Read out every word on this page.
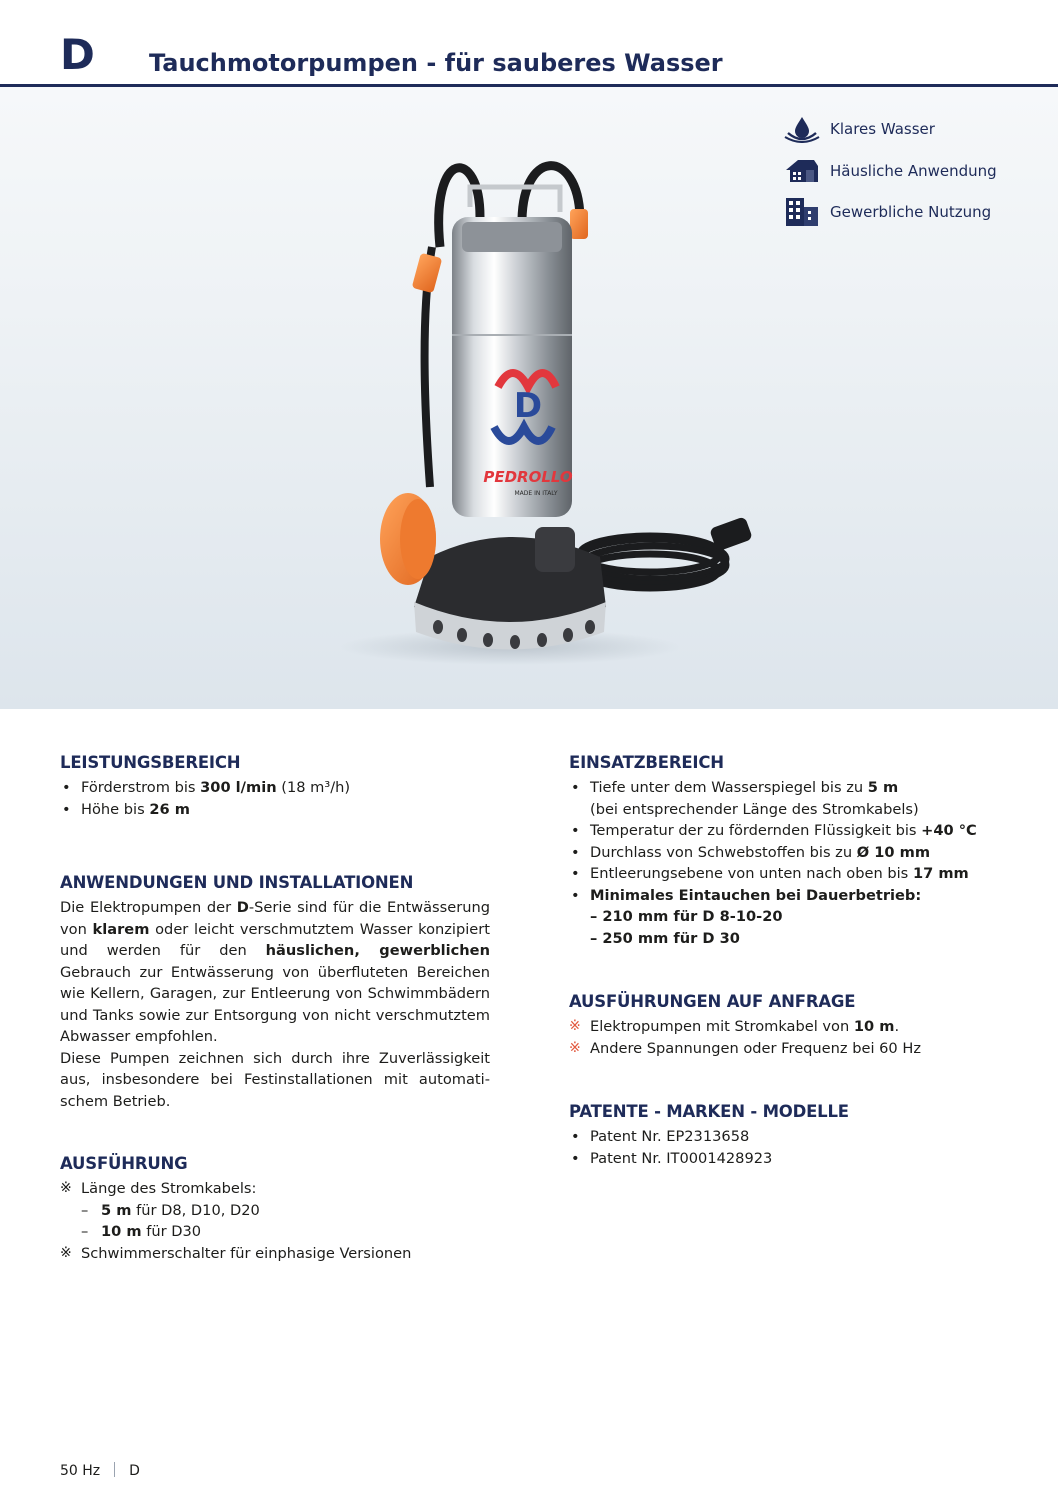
D Tauchmotorpumpen - für sauberes Wasser
D
PEDROLLO
MADE IN ITALY
Klares Wasser
Häusliche Anwendung
Gewerbliche Nutzung
LEISTUNGSBEREICH
• Förderstrom bis 300 l/min (18 m³/h)
• Höhe bis 26 m
ANWENDUNGEN UND INSTALLATIONEN

Die Elektropumpen der D-Serie sind für die Entwässerung von klarem oder leicht verschmutztem Wasser konzipiert und werden für den häuslichen, gewerblichen Gebrauch zur Entwässerung von überfluteten Bereichen wie Kellern, Garagen, zur Entleerung von Schwimmbädern und Tanks sowie zur Entsorgung von nicht verschmutztem Abwasser empfohlen.

Diese Pumpen zeichnen sich durch ihre Zuverlässigkeit aus, insbesondere bei Festinstallationen mit automatischem Betrieb.

AUSFÜHRUNG
※ Länge des Stromkabels:
– 5 m für D8, D10, D20
– 10 m für D30
※ Schwimmerschalter für einphasige Versionen
EINSATZBEREICH
• Tiefe unter dem Wasserspiegel bis zu 5 m
(bei entsprechender Länge des Stromkabels)
• Temperatur der zu fördernden Flüssigkeit bis +40 °C
• Durchlass von Schwebstoffen bis zu Ø 10 mm
• Entleerungsebene von unten nach oben bis 17 mm
• Minimales Eintauchen bei Dauerbetrieb:
– 210 mm für D 8-10-20
– 250 mm für D 30
AUSFÜHRUNGEN AUF ANFRAGE
※ Elektropumpen mit Stromkabel von 10 m.
※ Andere Spannungen oder Frequenz bei 60 Hz
PATENTE - MARKEN - MODELLE
• Patent Nr. EP2313658
• Patent Nr. IT0001428923
50 Hz D
